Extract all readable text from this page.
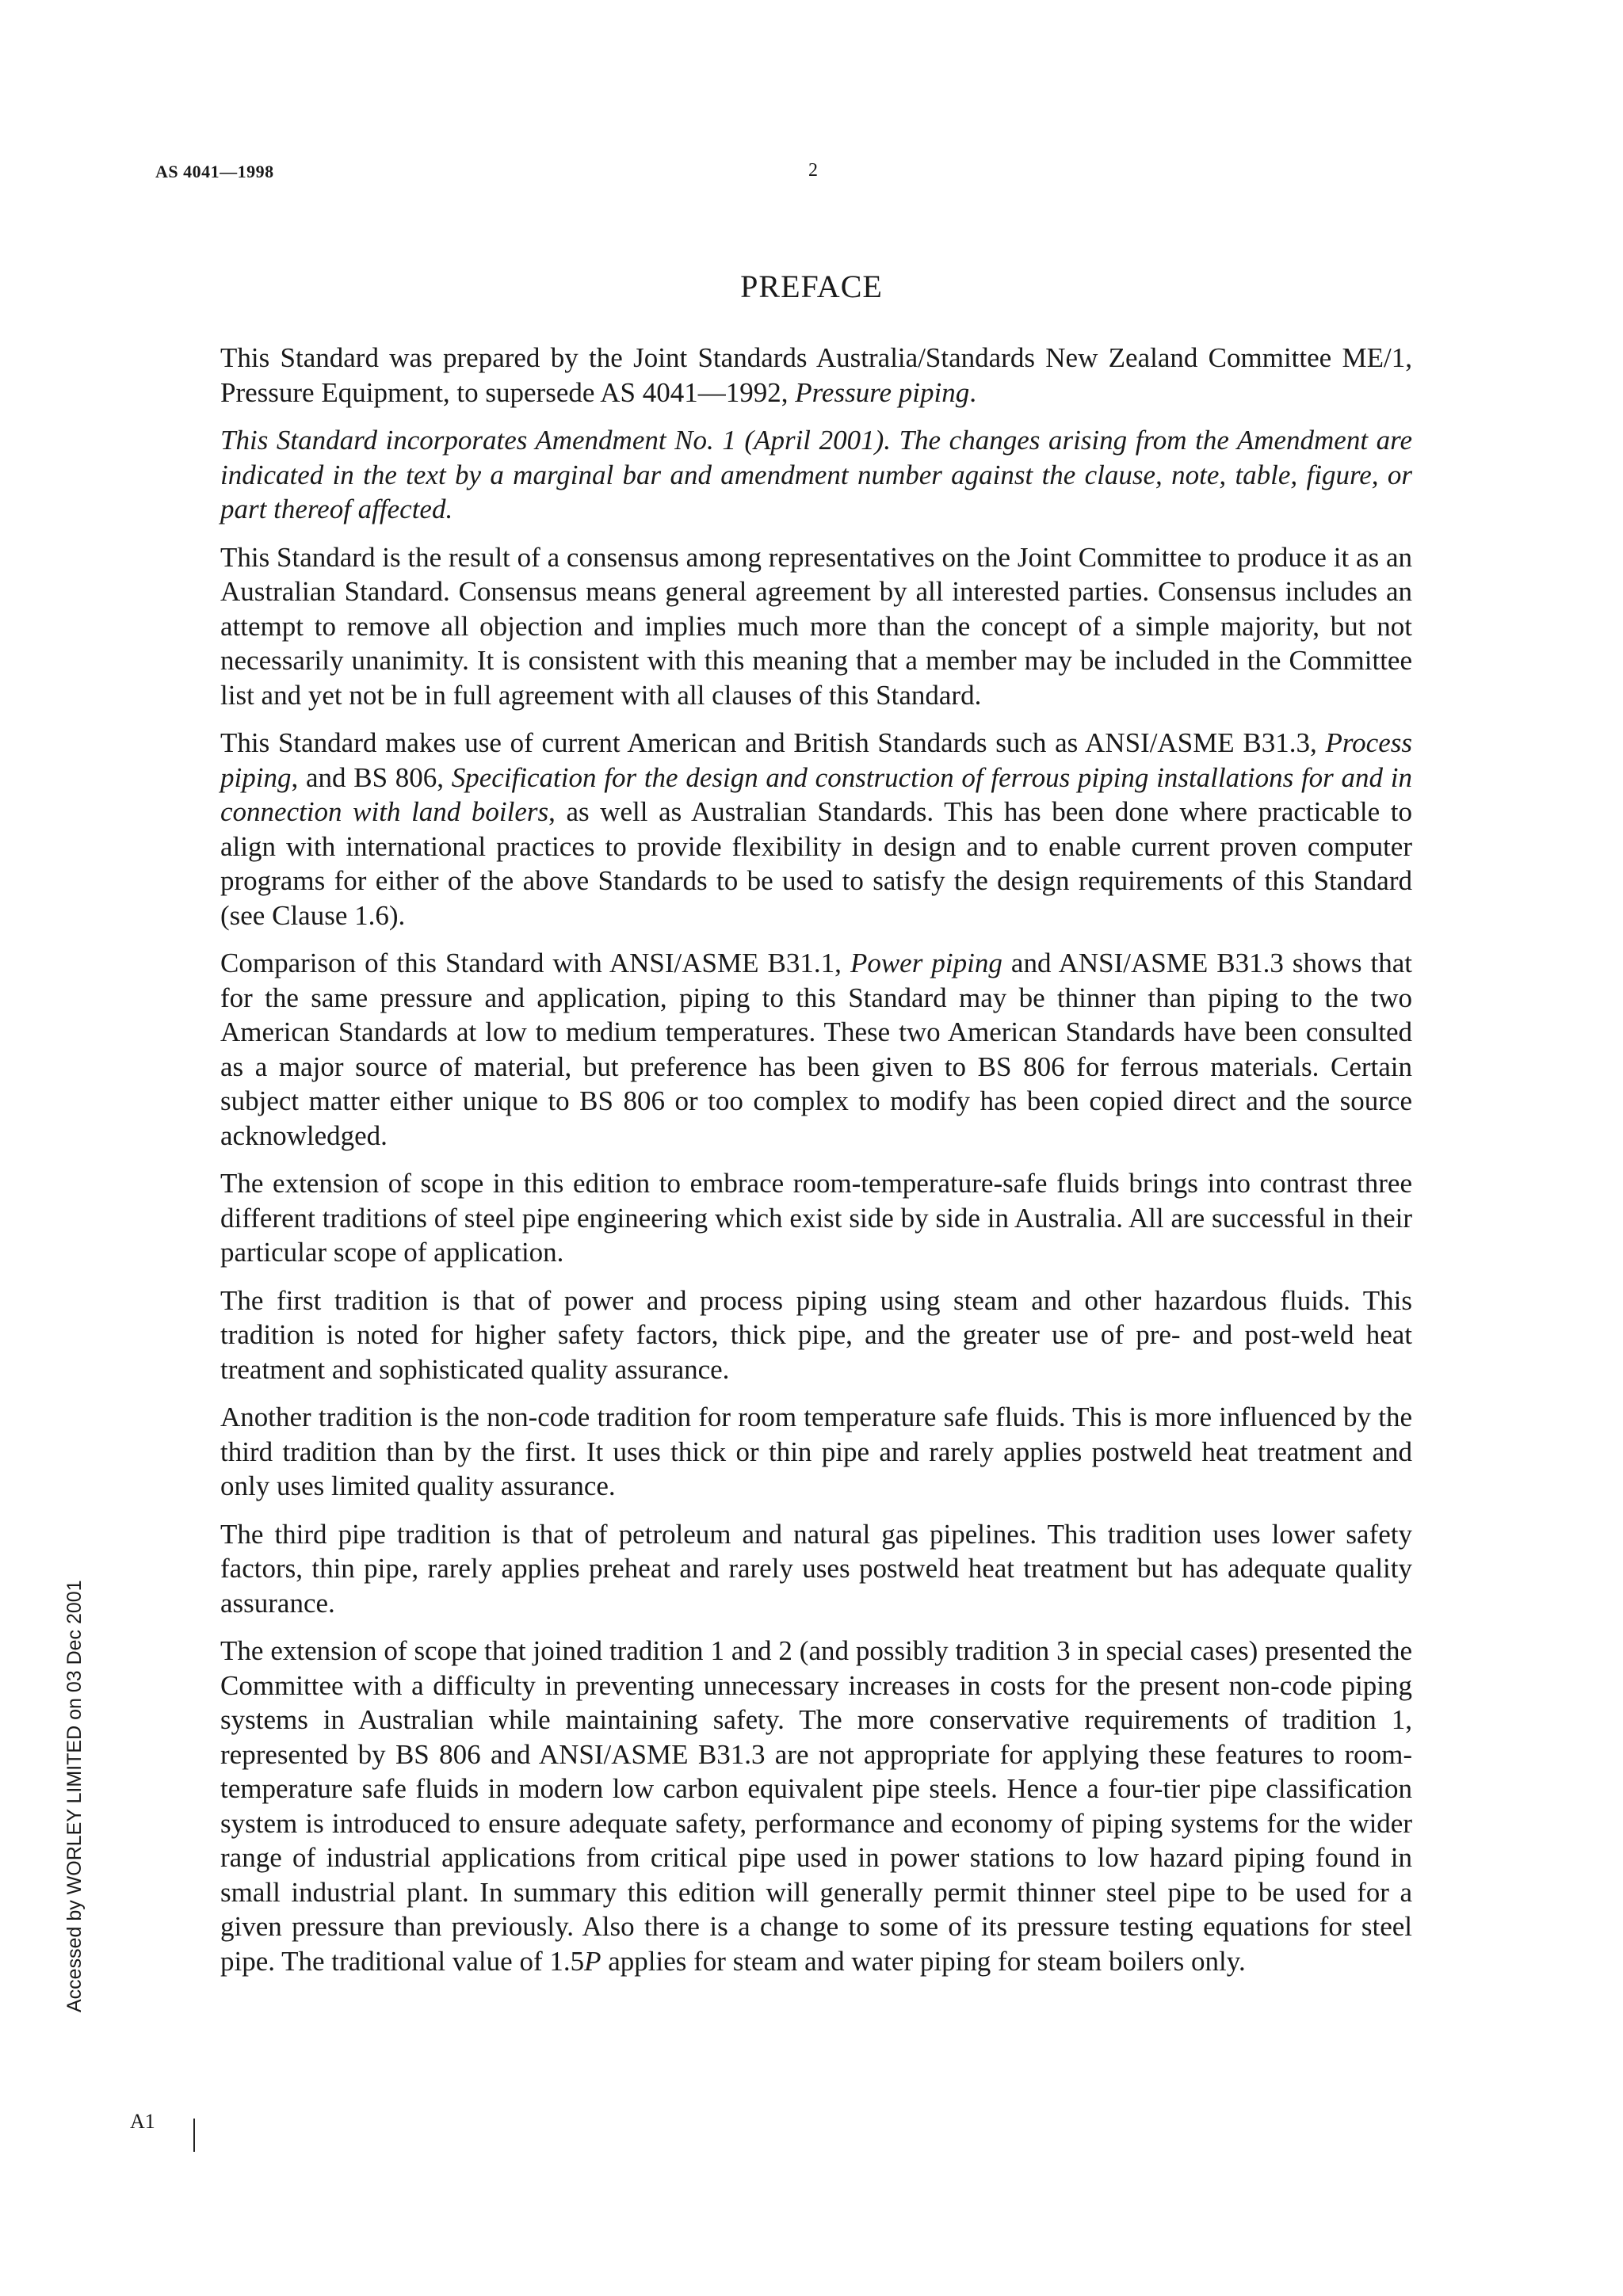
AS 4041—1998	2
PREFACE

This Standard was prepared by the Joint Standards Australia/Standards New Zealand Committee ME/1, Pressure Equipment, to supersede AS 4041—1992, Pressure piping.

This Standard incorporates Amendment No. 1 (April 2001). The changes arising from the Amendment are indicated in the text by a marginal bar and amendment number against the clause, note, table, figure, or part thereof affected.

This Standard is the result of a consensus among representatives on the Joint Committee to produce it as an Australian Standard. Consensus means general agreement by all interested parties. Consensus includes an attempt to remove all objection and implies much more than the concept of a simple majority, but not necessarily unanimity. It is consistent with this meaning that a member may be included in the Committee list and yet not be in full agreement with all clauses of this Standard.

This Standard makes use of current American and British Standards such as ANSI/ASME B31.3, Process piping, and BS 806, Specification for the design and construction of ferrous piping installations for and in connection with land boilers, as well as Australian Standards. This has been done where practicable to align with international practices to provide flexibility in design and to enable current proven computer programs for either of the above Standards to be used to satisfy the design requirements of this Standard (see Clause 1.6).

Comparison of this Standard with ANSI/ASME B31.1, Power piping and ANSI/ASME B31.3 shows that for the same pressure and application, piping to this Standard may be thinner than piping to the two American Standards at low to medium temperatures. These two American Standards have been consulted as a major source of material, but preference has been given to BS 806 for ferrous materials. Certain subject matter either unique to BS 806 or too complex to modify has been copied direct and the source acknowledged.

The extension of scope in this edition to embrace room-temperature-safe fluids brings into contrast three different traditions of steel pipe engineering which exist side by side in Australia. All are successful in their particular scope of application.

The first tradition is that of power and process piping using steam and other hazardous fluids. This tradition is noted for higher safety factors, thick pipe, and the greater use of pre- and post-weld heat treatment and sophisticated quality assurance.

Another tradition is the non-code tradition for room temperature safe fluids. This is more influenced by the third tradition than by the first. It uses thick or thin pipe and rarely applies postweld heat treatment and only uses limited quality assurance.

The third pipe tradition is that of petroleum and natural gas pipelines. This tradition uses lower safety factors, thin pipe, rarely applies preheat and rarely uses postweld heat treatment but has adequate quality assurance.

The extension of scope that joined tradition 1 and 2 (and possibly tradition 3 in special cases) presented the Committee with a difficulty in preventing unnecessary increases in costs for the present non-code piping systems in Australian while maintaining safety. The more conservative requirements of tradition 1, represented by BS 806 and ANSI/ASME B31.3 are not appropriate for applying these features to room-temperature safe fluids in modern low carbon equivalent pipe steels. Hence a four-tier pipe classification system is introduced to ensure adequate safety, performance and economy of piping systems for the wider range of industrial applications from critical pipe used in power stations to low hazard piping found in small industrial plant. In summary this edition will generally permit thinner steel pipe to be used for a given pressure than previously. Also there is a change to some of its pressure testing equations for steel pipe. The traditional value of 1.5P applies for steam and water piping for steam boilers only.

Accessed by WORLEY LIMITED on 03 Dec 2001
A1
